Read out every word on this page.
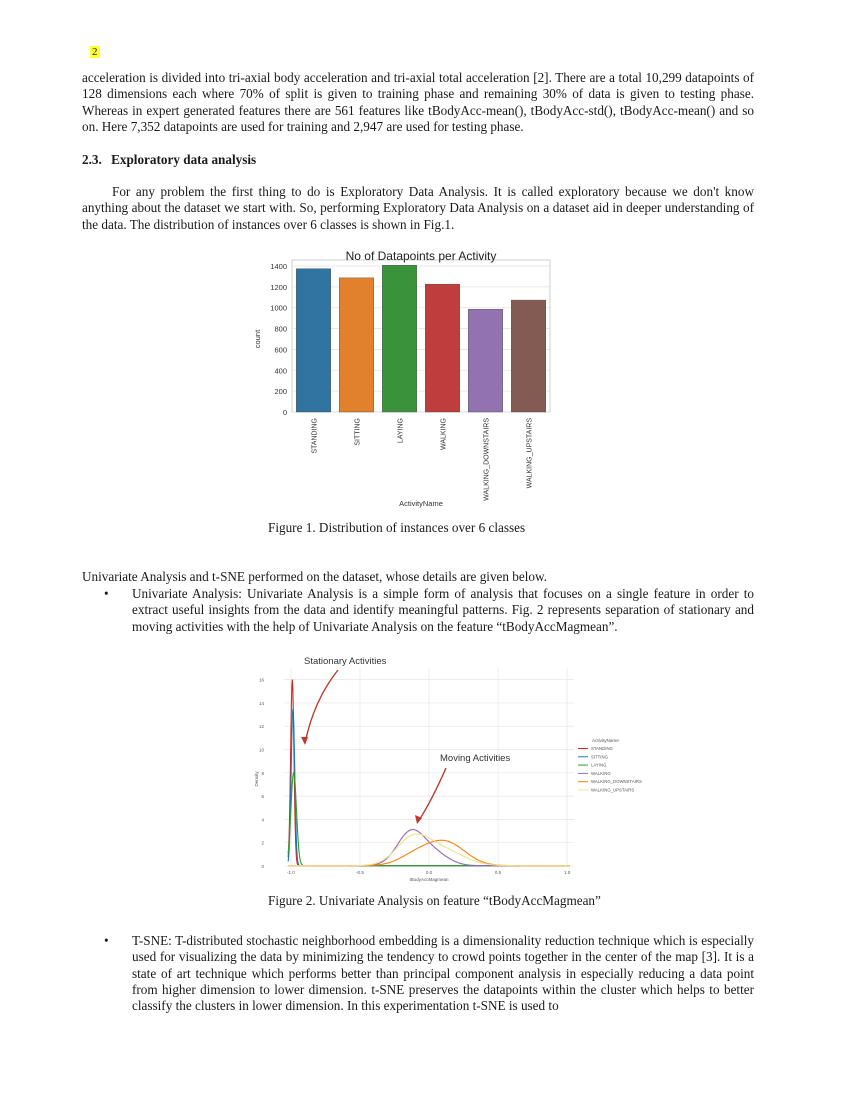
2

acceleration is divided into tri-axial body acceleration and tri-axial total acceleration [2]. There are a total 10,299 datapoints of 128 dimensions each where 70% of split is given to training phase and remaining 30% of data is given to testing phase. Whereas in expert generated features there are 561 features like tBodyAcc-mean(), tBodyAcc-std(), tBodyAcc-mean() and so on. Here 7,352 datapoints are used for training and 2,947 are used for testing phase.

2.3. Exploratory data analysis

For any problem the first thing to do is Exploratory Data Analysis. It is called exploratory because we don't know anything about the dataset we start with. So, performing Exploratory Data Analysis on a dataset aid in deeper understanding of the data. The distribution of instances over 6 classes is shown in Fig.1.

0
200
400
600
800
1000
1200
1400
No of Datapoints per Activity
count
STANDING	SITTING	LAYING	WALKING	WALKING_DOWNSTAIRS	WALKING_UPSTAIRS
ActivityName

Figure 1. Distribution of instances over 6 classes

Univariate Analysis and t-SNE performed on the dataset, whose details are given below.

• Univariate Analysis: Univariate Analysis is a simple form of analysis that focuses on a single feature in order to extract useful insights from the data and identify meaningful patterns. Fig. 2 represents separation of stationary and moving activities with the help of Univariate Analysis on the feature “tBodyAccMagmean”.
0
2
4
6
8
10
12
14
16
-1.0	-0.5	0.0	0.5	1.0
tBodyAccMagmean
Density
Stationary Activities
Moving Activities
ActivityName
STANDING
SITTING
LAYING
WALKING
WALKING_DOWNSTAIRS
WALKING_UPSTAIRS

Figure 2. Univariate Analysis on feature “tBodyAccMagmean”

• T-SNE: T-distributed stochastic neighborhood embedding is a dimensionality reduction technique which is especially used for visualizing the data by minimizing the tendency to crowd points together in the center of the map [3]. It is a state of art technique which performs better than principal component analysis in especially reducing a data point from higher dimension to lower dimension. t-SNE preserves the datapoints within the cluster which helps to better classify the clusters in lower dimension. In this experimentation t-SNE is used to
